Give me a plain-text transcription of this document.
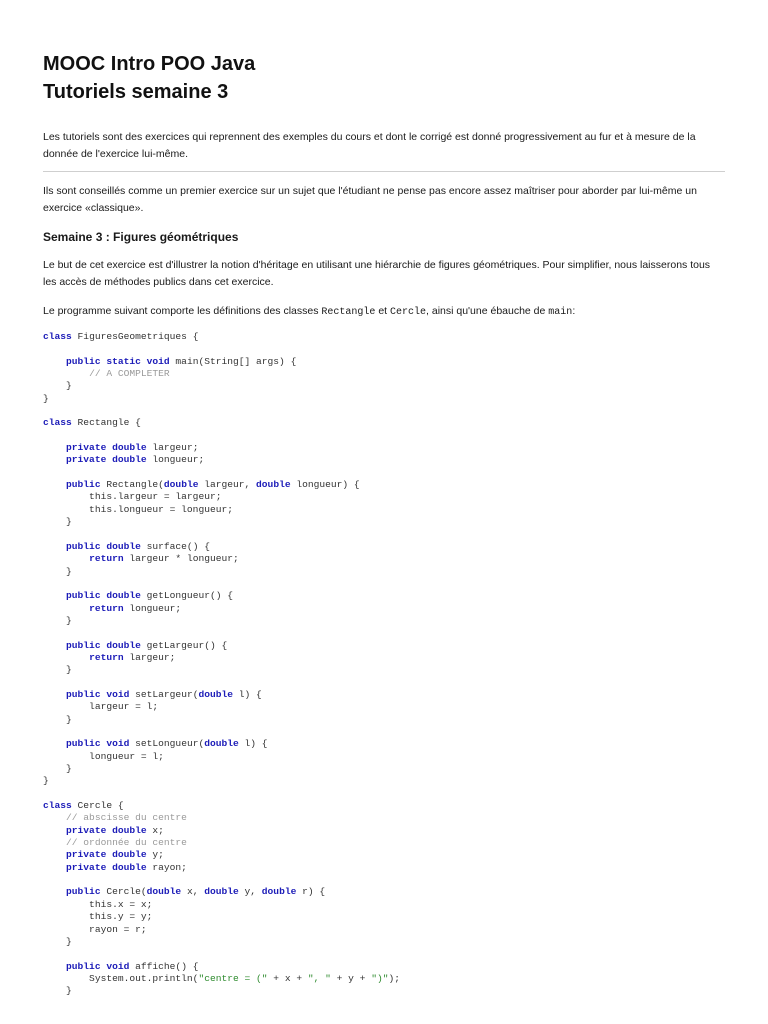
MOOC Intro POO Java
Tutoriels semaine 3

Les tutoriels sont des exercices qui reprennent des exemples du cours et dont le corrigé est donné progressivement au fur et à mesure de la donnée de l'exercice lui-même.

Ils sont conseillés comme un premier exercice sur un sujet que l'étudiant ne pense pas encore assez maîtriser pour aborder par lui-même un exercice «classique».

Semaine 3 : Figures géométriques

Le but de cet exercice est d'illustrer la notion d'héritage en utilisant une hiérarchie de figures géométriques. Pour simplifier, nous laisserons tous les accès de méthodes publics dans cet exercice.

Le programme suivant comporte les définitions des classes Rectangle et Cercle, ainsi qu'une ébauche de main:

class FiguresGeometriques {

public static void main(String[] args) {
// A COMPLETER
}
}

class Rectangle {

private double largeur;
private double longueur;

public Rectangle(double largeur, double longueur) {
this.largeur = largeur;
this.longueur = longueur;
}

public double surface() {
return largeur * longueur;
}

public double getLongueur() {
return longueur;
}

public double getLargeur() {
return largeur;
}

public void setLargeur(double l) {
largeur = l;
}

public void setLongueur(double l) {
longueur = l;
}
}

class Cercle {
// abscisse du centre
private double x;
// ordonnée du centre
private double y;
private double rayon;

public Cercle(double x, double y, double r) {
this.x = x;
this.y = y;
rayon = r;
}

public void affiche() {
System.out.println("centre = (" + x + ", " + y + ")");
}
